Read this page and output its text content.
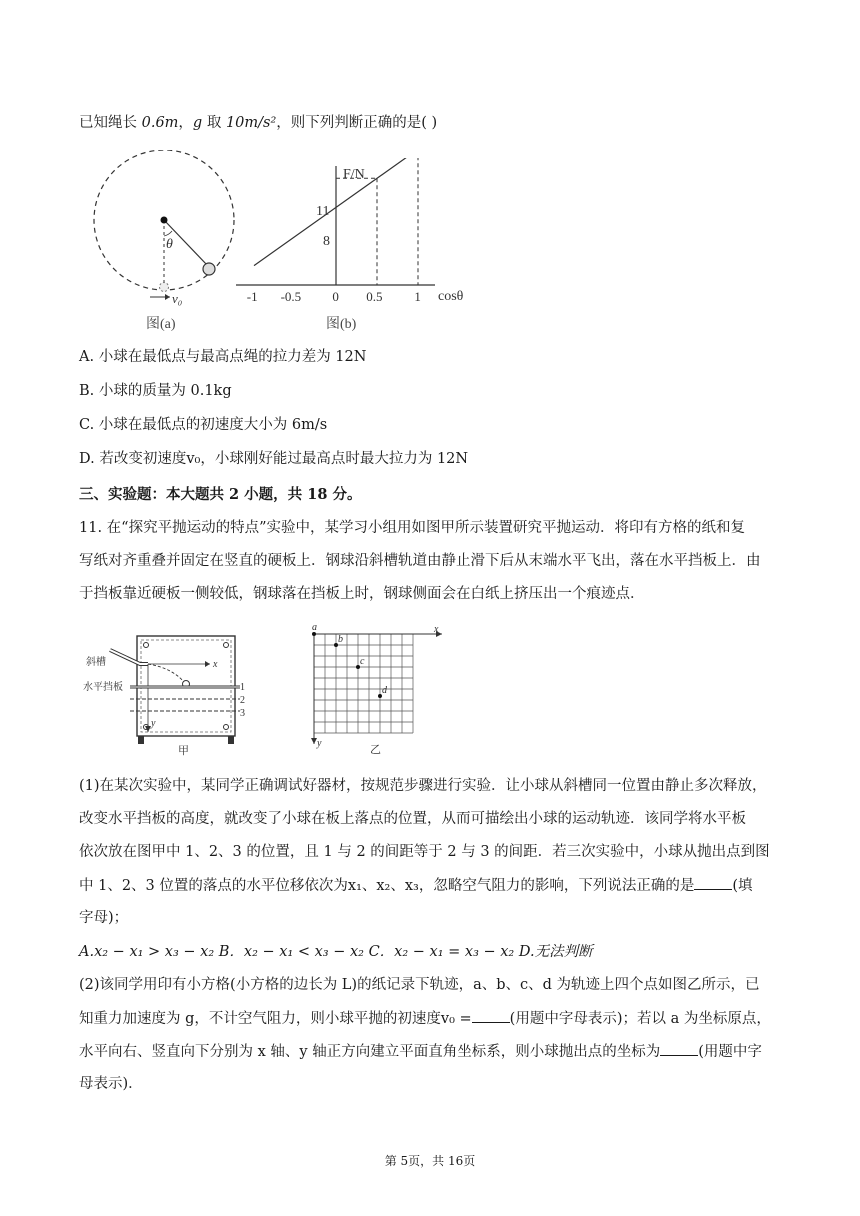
已知绳长 0.6m，g 取 10m/s²，则下列判断正确的是( )
θ
v₀
图(a)
F/N
cosθ
-1 -0.5 0 0.5 1
11
8
图(b)
A. 小球在最低点与最高点绳的拉力差为 12N
B. 小球的质量为 0.1kg
C. 小球在最低点的初速度大小为 6m/s
D. 若改变初速度v₀，小球刚好能过最高点时最大拉力为 12N
三、实验题：本大题共 2 小题，共 18 分。
11. 在“探究平抛运动的特点”实验中，某学习小组用如图甲所示装置研究平抛运动．将印有方格的纸和复
写纸对齐重叠并固定在竖直的硬板上．钢球沿斜槽轨道由静止滑下后从末端水平飞出，落在水平挡板上．由
于挡板靠近硬板一侧较低，钢球落在挡板上时，钢球侧面会在白纸上挤压出一个痕迹点．
x
y
斜槽
水平挡板	1
2
3
甲
x
y
a
b
c
d
乙
(1)在某次实验中，某同学正确调试好器材，按规范步骤进行实验．让小球从斜槽同一位置由静止多次释放，
改变水平挡板的高度，就改变了小球在板上落点的位置，从而可描绘出小球的运动轨迹．该同学将水平板
依次放在图甲中 1、2、3 的位置，且 1 与 2 的间距等于 2 与 3 的间距．若三次实验中，小球从抛出点到图
中 1、2、3 位置的落点的水平位移依次为x₁、x₂、x₃，忽略空气阻力的影响，下列说法正确的是	(填
字母)；
A.x₂ − x₁ > x₃ − x₂ B．x₂ − x₁ < x₃ − x₂ C．x₂ − x₁ = x₃ − x₂ D.无法判断
(2)该同学用印有小方格(小方格的边长为 L)的纸记录下轨迹，a、b、c、d 为轨迹上四个点如图乙所示，已
知重力加速度为 g，不计空气阻力，则小球平抛的初速度v₀ =	(用题中字母表示)；若以 a 为坐标原点，
水平向右、竖直向下分别为 x 轴、y 轴正方向建立平面直角坐标系，则小球抛出点的坐标为	(用题中字
母表示)．
第 5页，共 16页
